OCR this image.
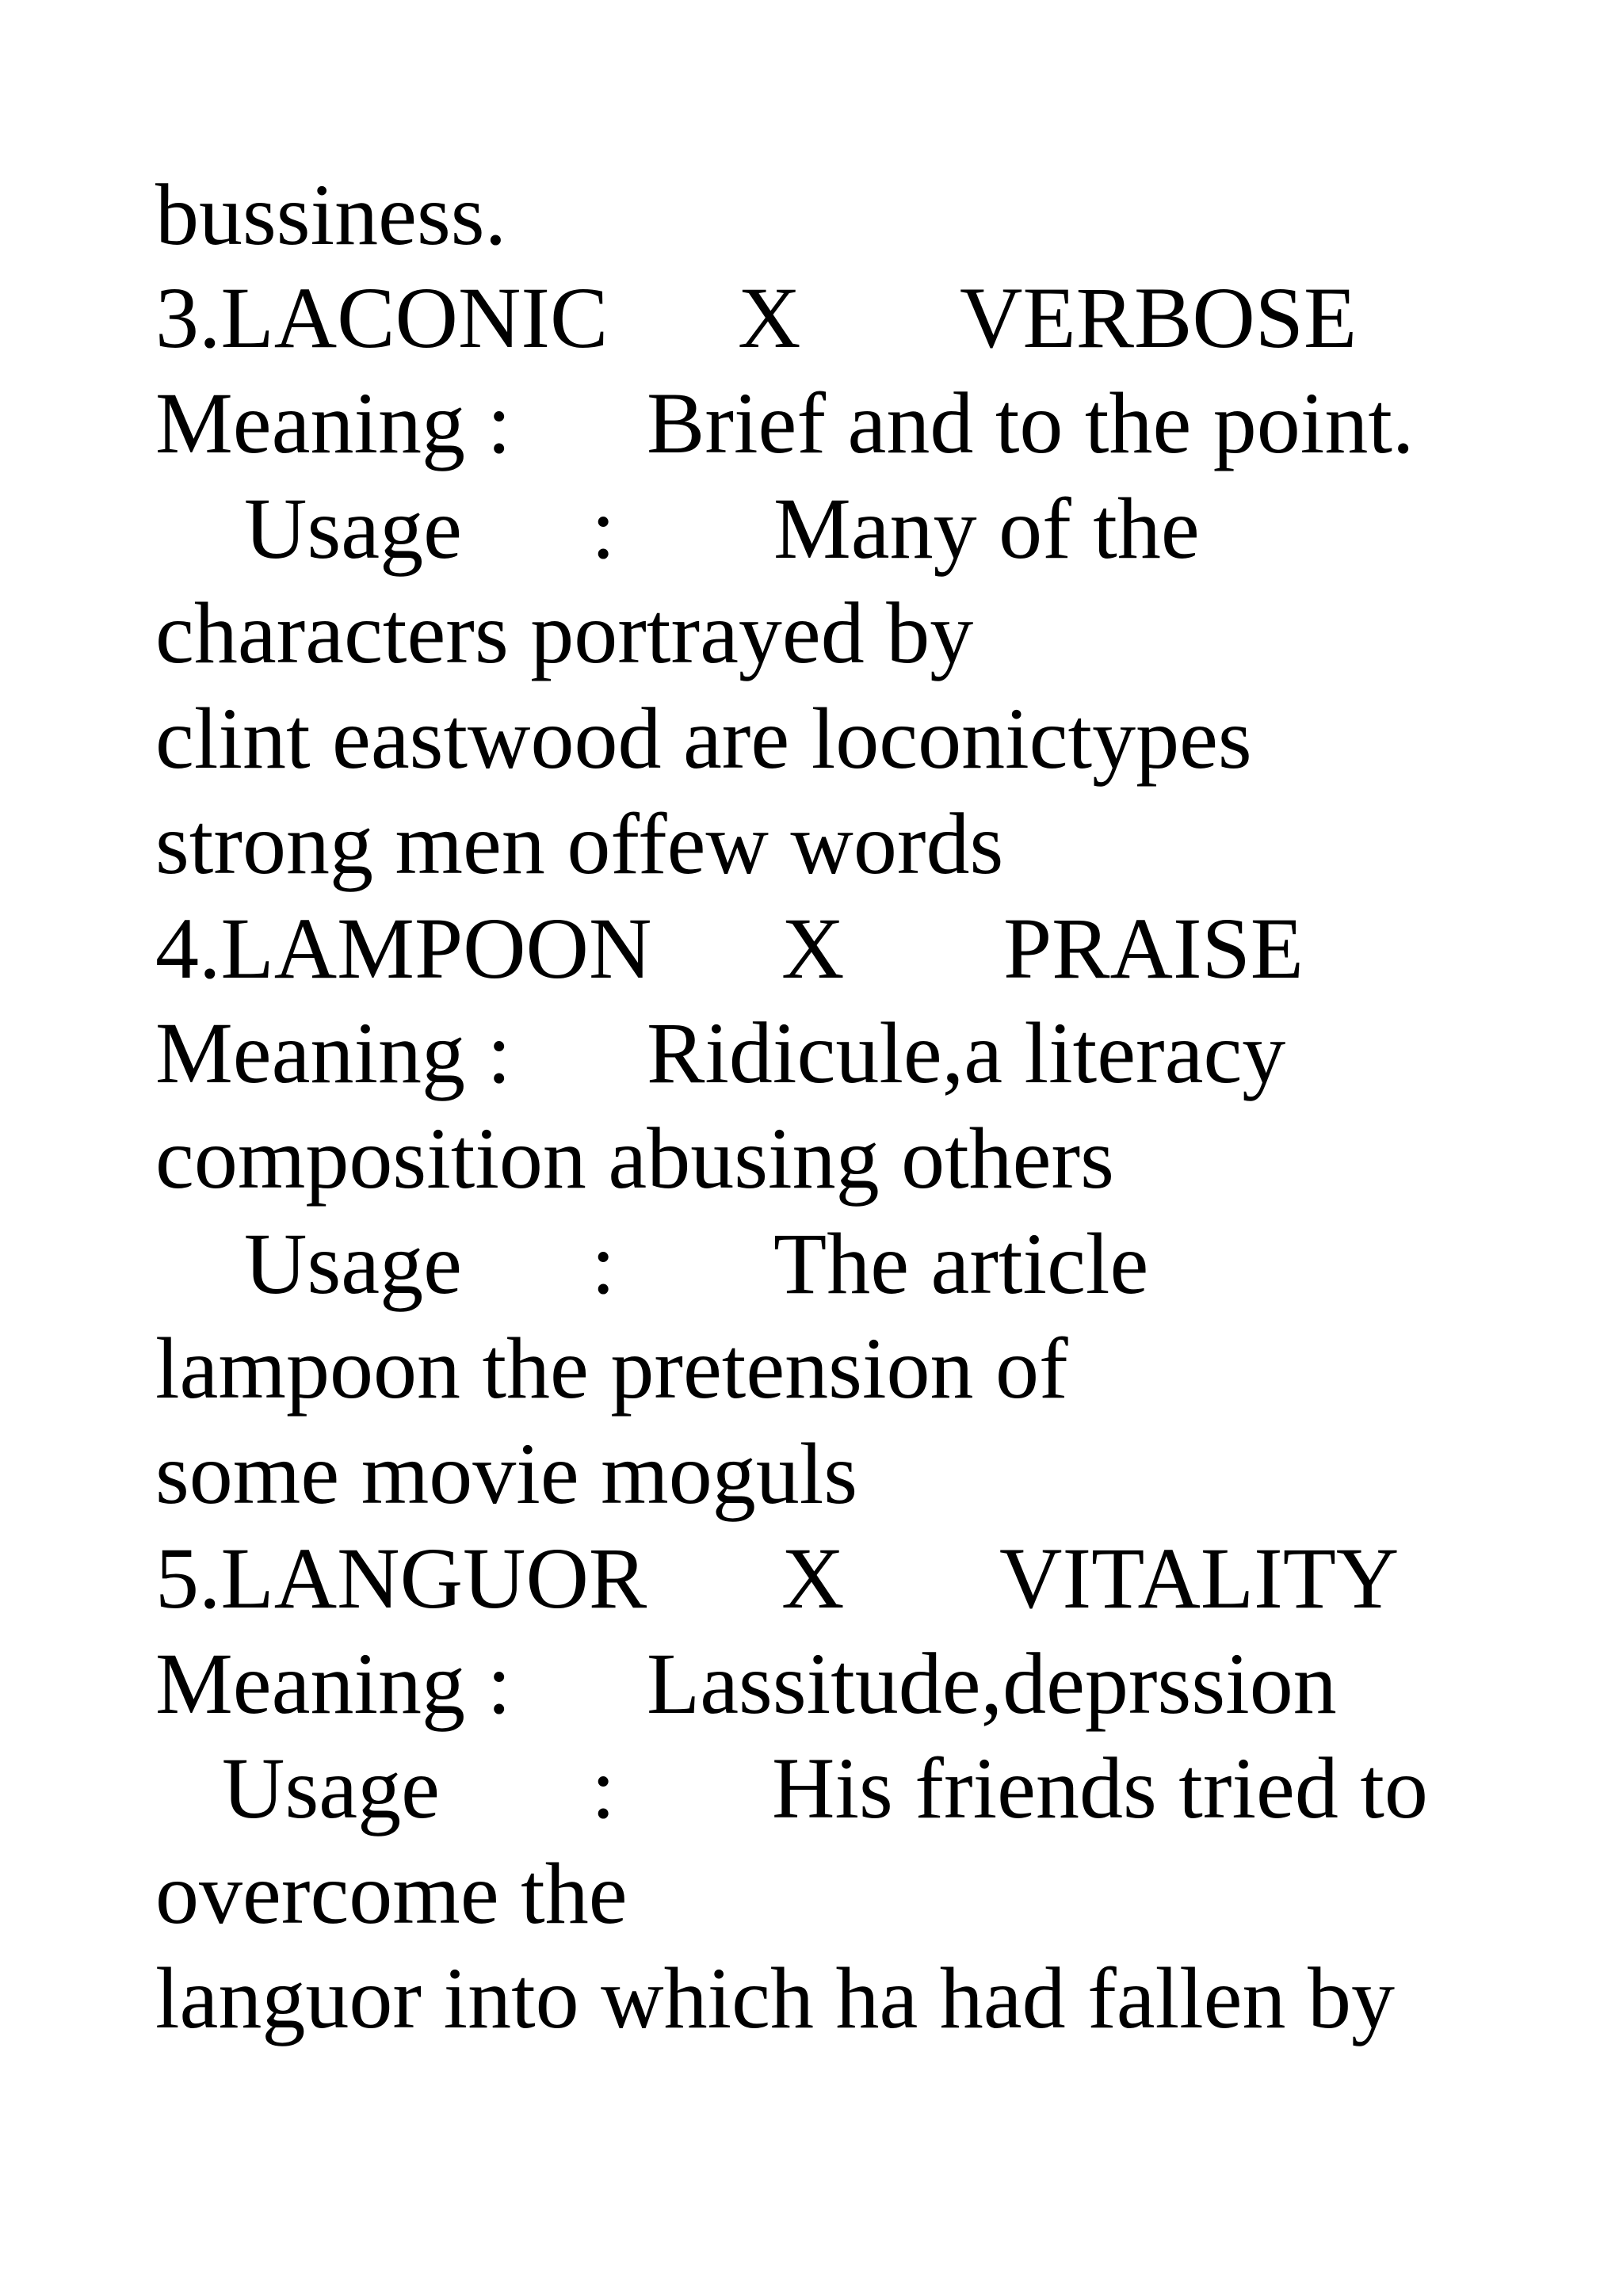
bussiness.

3.LACONIC

X

VERBOSE

Meaning :

Brief and to the point.

Usage

:

Many of the

characters portrayed by

clint eastwood are loconictypes

strong men offew words

4.LAMPOON

X

PRAISE

Meaning :

Ridicule,a literacy

composition abusing others

Usage

:

The article

lampoon the pretension of

some movie moguls

5.LANGUOR

X

VITALITY

Meaning :

Lassitude,deprssion

Usage

:

His friends tried to

overcome the

languor into which ha had fallen by
